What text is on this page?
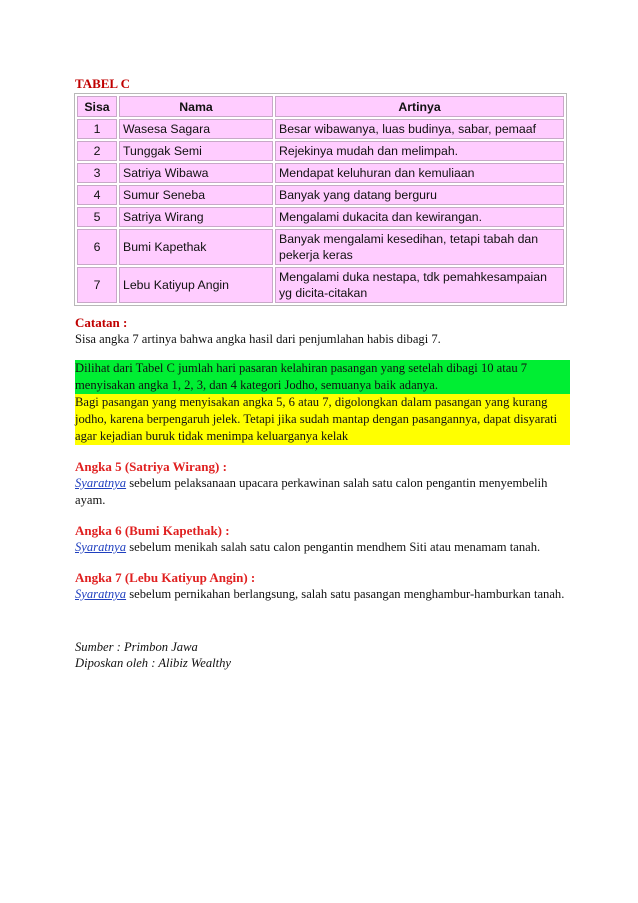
TABEL C
Sisa	Nama	Artinya
1	Wasesa Sagara	Besar wibawanya, luas budinya, sabar, pemaaf
2	Tunggak Semi	Rejekinya mudah dan melimpah.
3	Satriya Wibawa	Mendapat keluhuran dan kemuliaan
4	Sumur Seneba	Banyak yang datang berguru
5	Satriya Wirang	Mengalami dukacita dan kewirangan.
6	Bumi Kapethak	Banyak mengalami kesedihan, tetapi tabah dan pekerja keras
7	Lebu Katiyup Angin	Mengalami duka nestapa, tdk pemahkesampaian yg dicita-citakan
Catatan :
Sisa angka 7 artinya bahwa angka hasil dari penjumlahan habis dibagi 7.
Dilihat dari Tabel C jumlah hari pasaran kelahiran pasangan yang setelah dibagi 10 atau 7 menyisakan angka 1, 2, 3, dan 4 kategori Jodho, semuanya baik adanya.
Bagi pasangan yang menyisakan angka 5, 6 atau 7, digolongkan dalam pasangan yang kurang jodho, karena berpengaruh jelek. Tetapi jika sudah mantap dengan pasangannya, dapat disyarati agar kejadian buruk tidak menimpa keluarganya kelak
Angka 5 (Satriya Wirang) :
Syaratnya sebelum pelaksanaan upacara perkawinan salah satu calon pengantin menyembelih ayam.
Angka 6 (Bumi Kapethak) :
Syaratnya sebelum menikah salah satu calon pengantin mendhem Siti atau menamam tanah.
Angka 7 (Lebu Katiyup Angin) :
Syaratnya sebelum pernikahan berlangsung, salah satu pasangan menghambur-hamburkan tanah.
Sumber : Primbon Jawa
Diposkan oleh : Alibiz Wealthy
